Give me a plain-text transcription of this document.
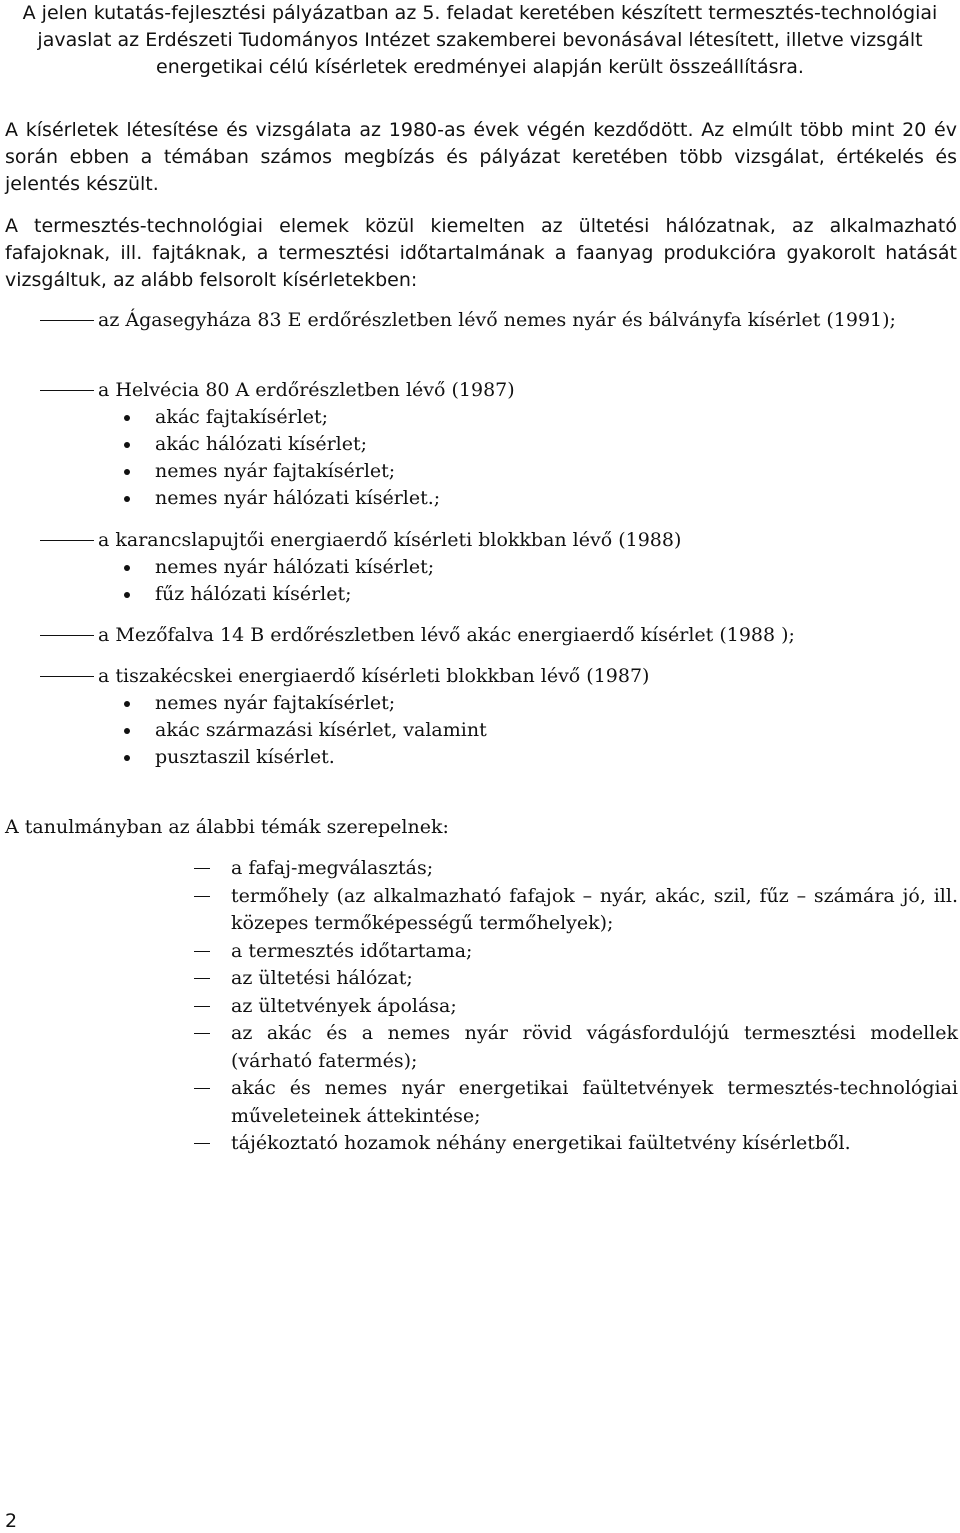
A jelen kutatás-fejlesztési pályázatban az 5. feladat keretében készített termesztés-technológiai javaslat az Erdészeti Tudományos Intézet szakemberei bevonásával létesített, illetve vizsgált energetikai célú kísérletek eredményei alapján került összeállításra.

A kísérletek létesítése és vizsgálata az 1980-as évek végén kezdődött. Az elmúlt több mint 20 év során ebben a témában számos megbízás és pályázat keretében több vizsgálat, értékelés és jelentés készült.

A termesztés-technológiai elemek közül kiemelten az ültetési hálózatnak, az alkalmazható fafajoknak, ill. fajtáknak, a termesztési időtartalmának a faanyag produkcióra gyakorolt hatását vizsgáltuk, az alább felsorolt kísérletekben:

az Ágasegyháza 83 E erdőrészletben lévő nemes nyár és bálványfa kísérlet (1991);

a Helvécia 80 A erdőrészletben lévő (1987)

akác fajtakísérlet;
akác hálózati kísérlet;
nemes nyár fajtakísérlet;
nemes nyár hálózati kísérlet.;

a karancslapujtői energiaerdő kísérleti blokkban lévő (1988)

nemes nyár hálózati kísérlet;
fűz hálózati kísérlet;

a Mezőfalva 14 B erdőrészletben lévő akác energiaerdő kísérlet (1988 );

a tiszakécskei energiaerdő kísérleti blokkban lévő (1987)

nemes nyár fajtakísérlet;
akác származási kísérlet, valamint
pusztaszil kísérlet.

A tanulmányban az álabbi témák szerepelnek:

a fafaj-megválasztás;
termőhely (az alkalmazható fafajok – nyár, akác, szil, fűz – számára jó, ill. közepes termőképességű termőhelyek);
a termesztés időtartama;
az ültetési hálózat;
az ültetvények ápolása;
az akác és a nemes nyár rövid vágásfordulójú termesztési modellek (várható fatermés);
akác és nemes nyár energetikai faültetvények termesztés-technológiai műveleteinek áttekintése;
tájékoztató hozamok néhány energetikai faültetvény kísérletből.
2
